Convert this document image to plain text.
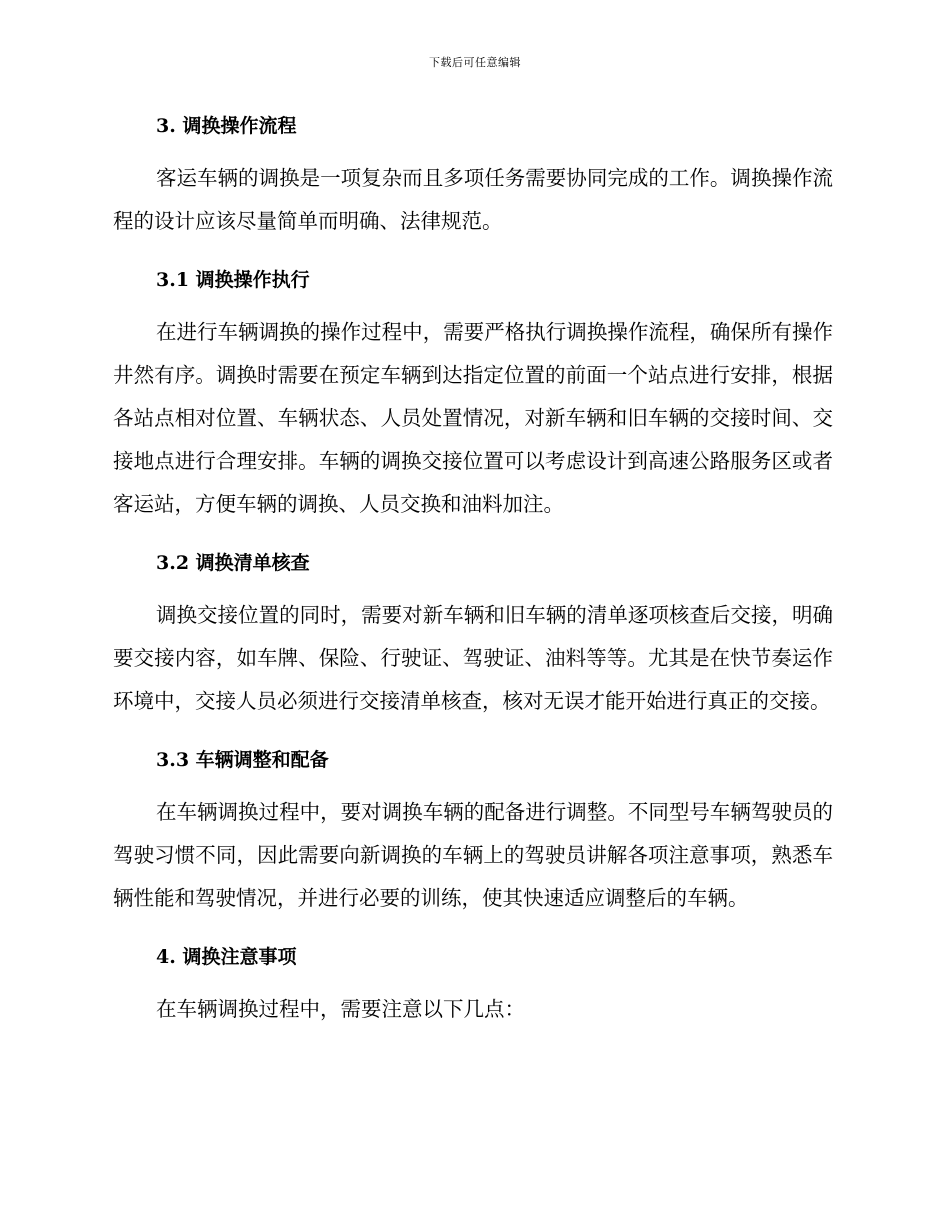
下载后可任意编辑
3. 调换操作流程

客运车辆的调换是一项复杂而且多项任务需要协同完成的工作。调换操作流程的设计应该尽量简单而明确、法律规范。

3.1 调换操作执行

在进行车辆调换的操作过程中，需要严格执行调换操作流程，确保所有操作井然有序。调换时需要在预定车辆到达指定位置的前面一个站点进行安排，根据各站点相对位置、车辆状态、人员处置情况，对新车辆和旧车辆的交接时间、交接地点进行合理安排。车辆的调换交接位置可以考虑设计到高速公路服务区或者客运站，方便车辆的调换、人员交换和油料加注。

3.2 调换清单核查

调换交接位置的同时，需要对新车辆和旧车辆的清单逐项核查后交接，明确要交接内容，如车牌、保险、行驶证、驾驶证、油料等等。尤其是在快节奏运作环境中，交接人员必须进行交接清单核查，核对无误才能开始进行真正的交接。

3.3 车辆调整和配备

在车辆调换过程中，要对调换车辆的配备进行调整。不同型号车辆驾驶员的驾驶习惯不同，因此需要向新调换的车辆上的驾驶员讲解各项注意事项，熟悉车辆性能和驾驶情况，并进行必要的训练，使其快速适应调整后的车辆。

4. 调换注意事项

在车辆调换过程中，需要注意以下几点：
